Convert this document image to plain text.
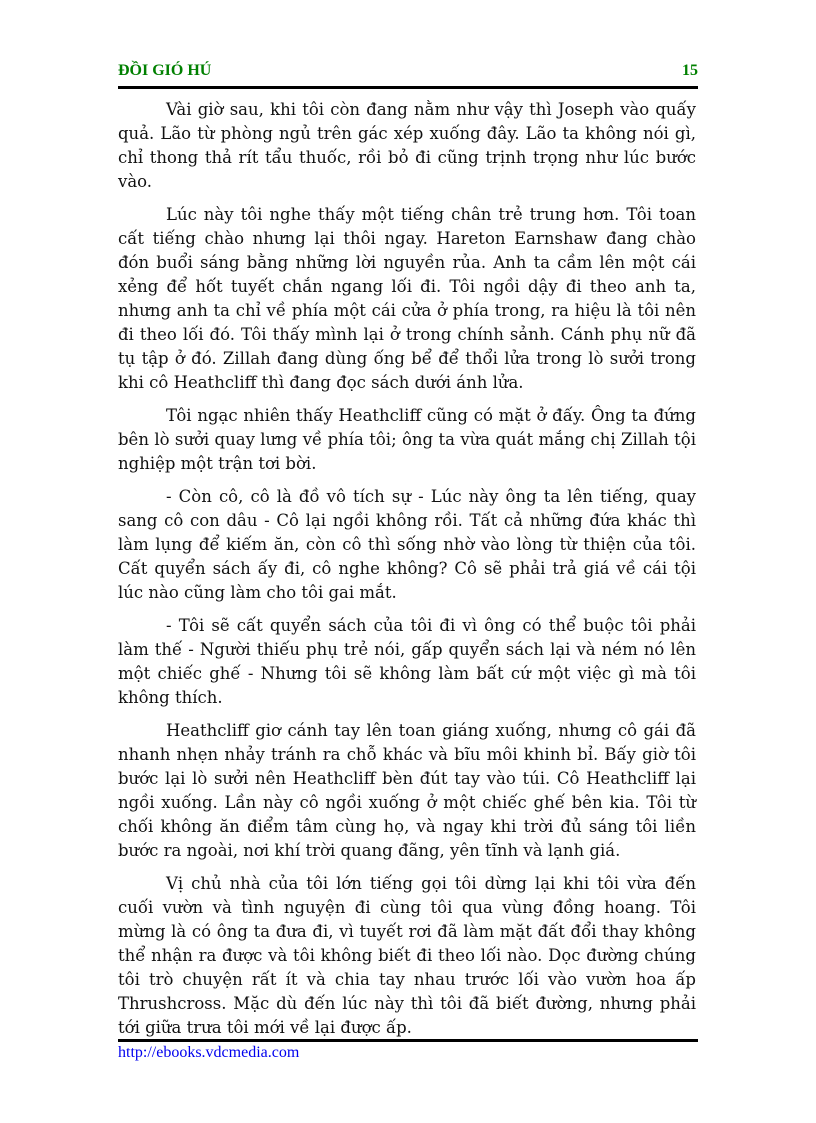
ĐỒI GIÓ HÚ	15

Vài giờ sau, khi tôi còn đang nằm như vậy thì Joseph vào quấy quả. Lão từ phòng ngủ trên gác xép xuống đây. Lão ta không nói gì, chỉ thong thả rít tẩu thuốc, rồi bỏ đi cũng trịnh trọng như lúc bước vào.

Lúc này tôi nghe thấy một tiếng chân trẻ trung hơn. Tôi toan cất tiếng chào nhưng lại thôi ngay. Hareton Earnshaw đang chào đón buổi sáng bằng những lời nguyền rủa. Anh ta cầm lên một cái xẻng để hốt tuyết chắn ngang lối đi. Tôi ngồi dậy đi theo anh ta, nhưng anh ta chỉ về phía một cái cửa ở phía trong, ra hiệu là tôi nên đi theo lối đó. Tôi thấy mình lại ở trong chính sảnh. Cánh phụ nữ đã tụ tập ở đó. Zillah đang dùng ống bể để thổi lửa trong lò sưởi trong khi cô Heathcliff thì đang đọc sách dưới ánh lửa.

Tôi ngạc nhiên thấy Heathcliff cũng có mặt ở đấy. Ông ta đứng bên lò sưởi quay lưng về phía tôi; ông ta vừa quát mắng chị Zillah tội nghiệp một trận tơi bời.

- Còn cô, cô là đồ vô tích sự - Lúc này ông ta lên tiếng, quay sang cô con dâu - Cô lại ngồi không rồi. Tất cả những đứa khác thì làm lụng để kiếm ăn, còn cô thì sống nhờ vào lòng từ thiện của tôi. Cất quyển sách ấy đi, cô nghe không? Cô sẽ phải trả giá về cái tội lúc nào cũng làm cho tôi gai mắt.

- Tôi sẽ cất quyển sách của tôi đi vì ông có thể buộc tôi phải làm thế - Người thiếu phụ trẻ nói, gấp quyển sách lại và ném nó lên một chiếc ghế - Nhưng tôi sẽ không làm bất cứ một việc gì mà tôi không thích.

Heathcliff giơ cánh tay lên toan giáng xuống, nhưng cô gái đã nhanh nhẹn nhảy tránh ra chỗ khác và bĩu môi khinh bỉ. Bấy giờ tôi bước lại lò sưởi nên Heathcliff bèn đút tay vào túi. Cô Heathcliff lại ngồi xuống. Lần này cô ngồi xuống ở một chiếc ghế bên kia. Tôi từ chối không ăn điểm tâm cùng họ, và ngay khi trời đủ sáng tôi liền bước ra ngoài, nơi khí trời quang đãng, yên tĩnh và lạnh giá.

Vị chủ nhà của tôi lớn tiếng gọi tôi dừng lại khi tôi vừa đến cuối vườn và tình nguyện đi cùng tôi qua vùng đồng hoang. Tôi mừng là có ông ta đưa đi, vì tuyết rơi đã làm mặt đất đổi thay không thể nhận ra được và tôi không biết đi theo lối nào. Dọc đường chúng tôi trò chuyện rất ít và chia tay nhau trước lối vào vườn hoa ấp Thrushcross. Mặc dù đến lúc này thì tôi đã biết đường, nhưng phải tới giữa trưa tôi mới về lại được ấp.

http://ebooks.vdcmedia.com
